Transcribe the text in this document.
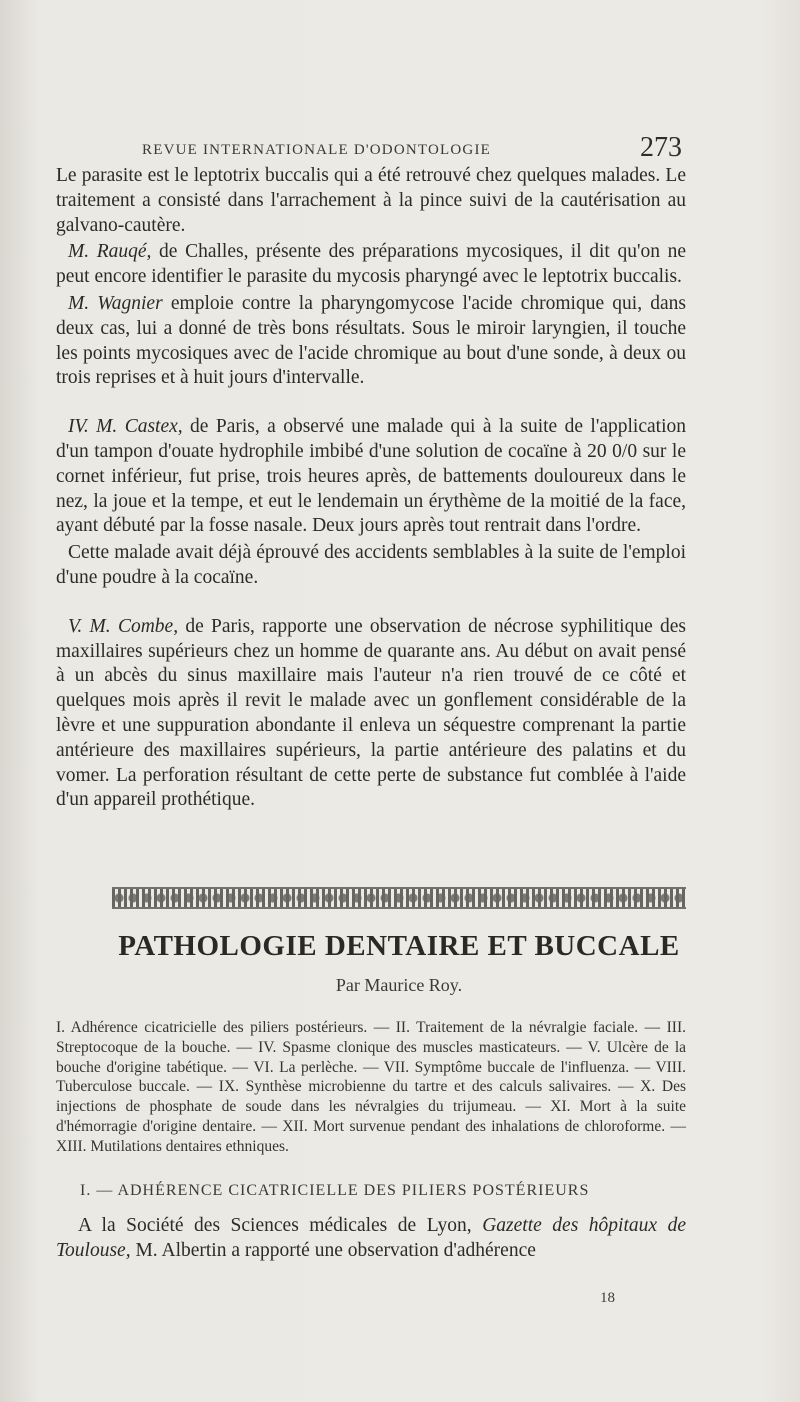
REVUE INTERNATIONALE D'ODONTOLOGIE	273

Le parasite est le leptotrix buccalis qui a été retrouvé chez quelques malades. Le traitement a consisté dans l'arrachement à la pince suivi de la cautérisation au galvano-cautère.

M. Rauqé, de Challes, présente des préparations mycosiques, il dit qu'on ne peut encore identifier le parasite du mycosis pharyngé avec le leptotrix buccalis.

M. Wagnier emploie contre la pharyngomycose l'acide chromique qui, dans deux cas, lui a donné de très bons résultats. Sous le miroir laryngien, il touche les points mycosiques avec de l'acide chromique au bout d'une sonde, à deux ou trois reprises et à huit jours d'intervalle.

IV. M. Castex, de Paris, a observé une malade qui à la suite de l'application d'un tampon d'ouate hydrophile imbibé d'une solution de cocaïne à 20 0/0 sur le cornet inférieur, fut prise, trois heures après, de battements douloureux dans le nez, la joue et la tempe, et eut le lendemain un érythème de la moitié de la face, ayant débuté par la fosse nasale. Deux jours après tout rentrait dans l'ordre.

Cette malade avait déjà éprouvé des accidents semblables à la suite de l'emploi d'une poudre à la cocaïne.

V. M. Combe, de Paris, rapporte une observation de nécrose syphilitique des maxillaires supérieurs chez un homme de quarante ans. Au début on avait pensé à un abcès du sinus maxillaire mais l'auteur n'a rien trouvé de ce côté et quelques mois après il revit le malade avec un gonflement considérable de la lèvre et une suppuration abondante il enleva un séquestre comprenant la partie antérieure des maxillaires supérieurs, la partie antérieure des palatins et du vomer. La perforation résultant de cette perte de substance fut comblée à l'aide d'un appareil prothétique.

PATHOLOGIE DENTAIRE ET BUCCALE
Par Maurice Roy.
I. Adhérence cicatricielle des piliers postérieurs. — II. Traitement de la névralgie faciale. — III. Streptocoque de la bouche. — IV. Spasme clonique des muscles masticateurs. — V. Ulcère de la bouche d'origine tabétique. — VI. La perlèche. — VII. Symptôme buccale de l'influenza. — VIII. Tuberculose buccale. — IX. Synthèse microbienne du tartre et des calculs salivaires. — X. Des injections de phosphate de soude dans les névralgies du trijumeau. — XI. Mort à la suite d'hémorragie d'origine dentaire. — XII. Mort survenue pendant des inhalations de chloroforme. — XIII. Mutilations dentaires ethniques.
I. — ADHÉRENCE CICATRICIELLE DES PILIERS POSTÉRIEURS
A la Société des Sciences médicales de Lyon, Gazette des hôpitaux de Toulouse, M. Albertin a rapporté une observation d'adhérence
18
